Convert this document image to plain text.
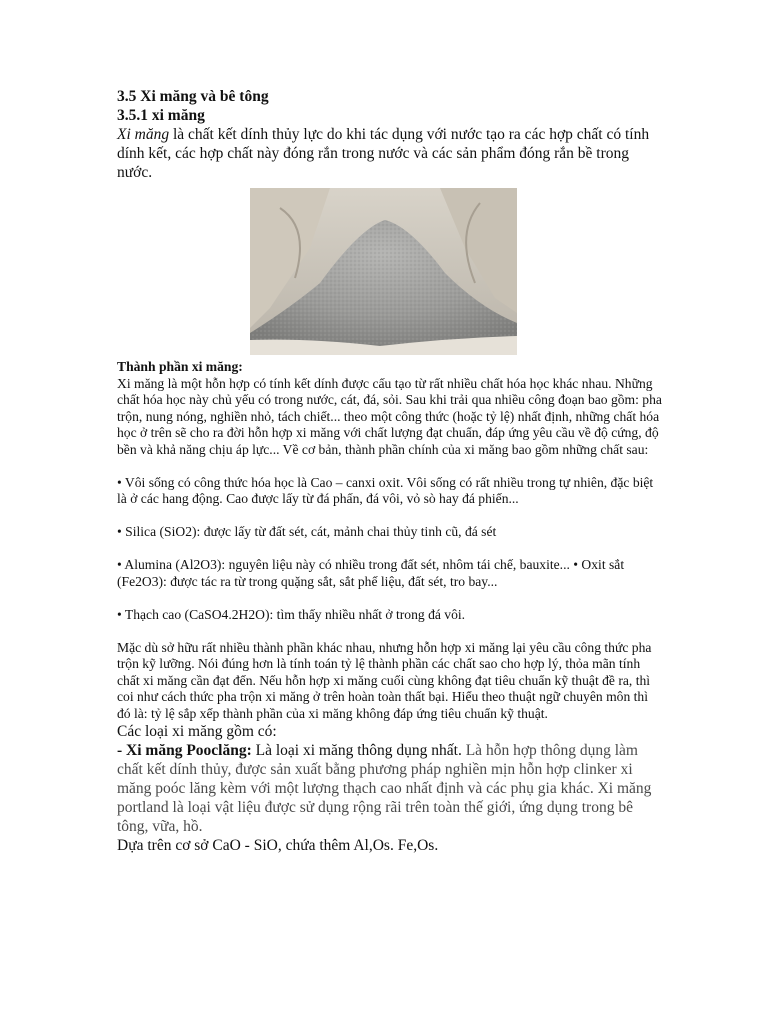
3.5 Xi măng và bê tông

3.5.1 xi măng

Xi măng là chất kết dính thủy lực do khi tác dụng với nước tạo ra các hợp chất có tính dính kết, các hợp chất này đóng rắn trong nước và các sản phẩm đóng rắn bề trong nước.

Thành phần xi măng:

Xi măng là một hỗn hợp có tính kết dính được cấu tạo từ rất nhiều chất hóa học khác nhau. Những chất hóa học này chủ yếu có trong nước, cát, đá, sỏi. Sau khi trải qua nhiều công đoạn bao gồm: pha trộn, nung nóng, nghiền nhỏ, tách chiết... theo một công thức (hoặc tỷ lệ) nhất định, những chất hóa học ở trên sẽ cho ra đời hỗn hợp xi măng với chất lượng đạt chuẩn, đáp ứng yêu cầu về độ cứng, độ bền và khả năng chịu áp lực... Về cơ bản, thành phần chính của xi măng bao gồm những chất sau:

• Vôi sống có công thức hóa học là Cao – canxi oxit. Vôi sống có rất nhiều trong tự nhiên, đặc biệt là ở các hang động. Cao được lấy từ đá phấn, đá vôi, vỏ sò hay đá phiến...

• Silica (SiO2): được lấy từ đất sét, cát, mảnh chai thủy tinh cũ, đá sét

• Alumina (Al2O3): nguyên liệu này có nhiều trong đất sét, nhôm tái chế, bauxite... • Oxit sắt (Fe2O3): được tác ra từ trong quặng sắt, sắt phế liệu, đất sét, tro bay...

• Thạch cao (CaSO4.2H2O): tìm thấy nhiều nhất ở trong đá vôi.

Mặc dù sở hữu rất nhiều thành phần khác nhau, nhưng hỗn hợp xi măng lại yêu cầu công thức pha trộn kỹ lưỡng. Nói đúng hơn là tính toán tỷ lệ thành phần các chất sao cho hợp lý, thỏa mãn tính chất xi măng cần đạt đến. Nếu hỗn hợp xi măng cuối cùng không đạt tiêu chuẩn kỹ thuật đề ra, thì coi như cách thức pha trộn xi măng ở trên hoàn toàn thất bại. Hiểu theo thuật ngữ chuyên môn thì đó là: tỷ lệ sắp xếp thành phần của xi măng không đáp ứng tiêu chuẩn kỹ thuật.

Các loại xi măng gồm có:

- Xi măng Pooclăng: Là loại xi măng thông dụng nhất. Là hỗn hợp thông dụng làm chất kết dính thủy, được sản xuất bằng phương pháp nghiền mịn hỗn hợp clinker xi măng poóc lăng kèm với một lượng thạch cao nhất định và các phụ gia khác. Xi măng portland là loại vật liệu được sử dụng rộng rãi trên toàn thế giới, ứng dụng trong bê tông, vữa, hồ.

Dựa trên cơ sở CaO - SiO, chứa thêm Al,Os. Fe,Os.
